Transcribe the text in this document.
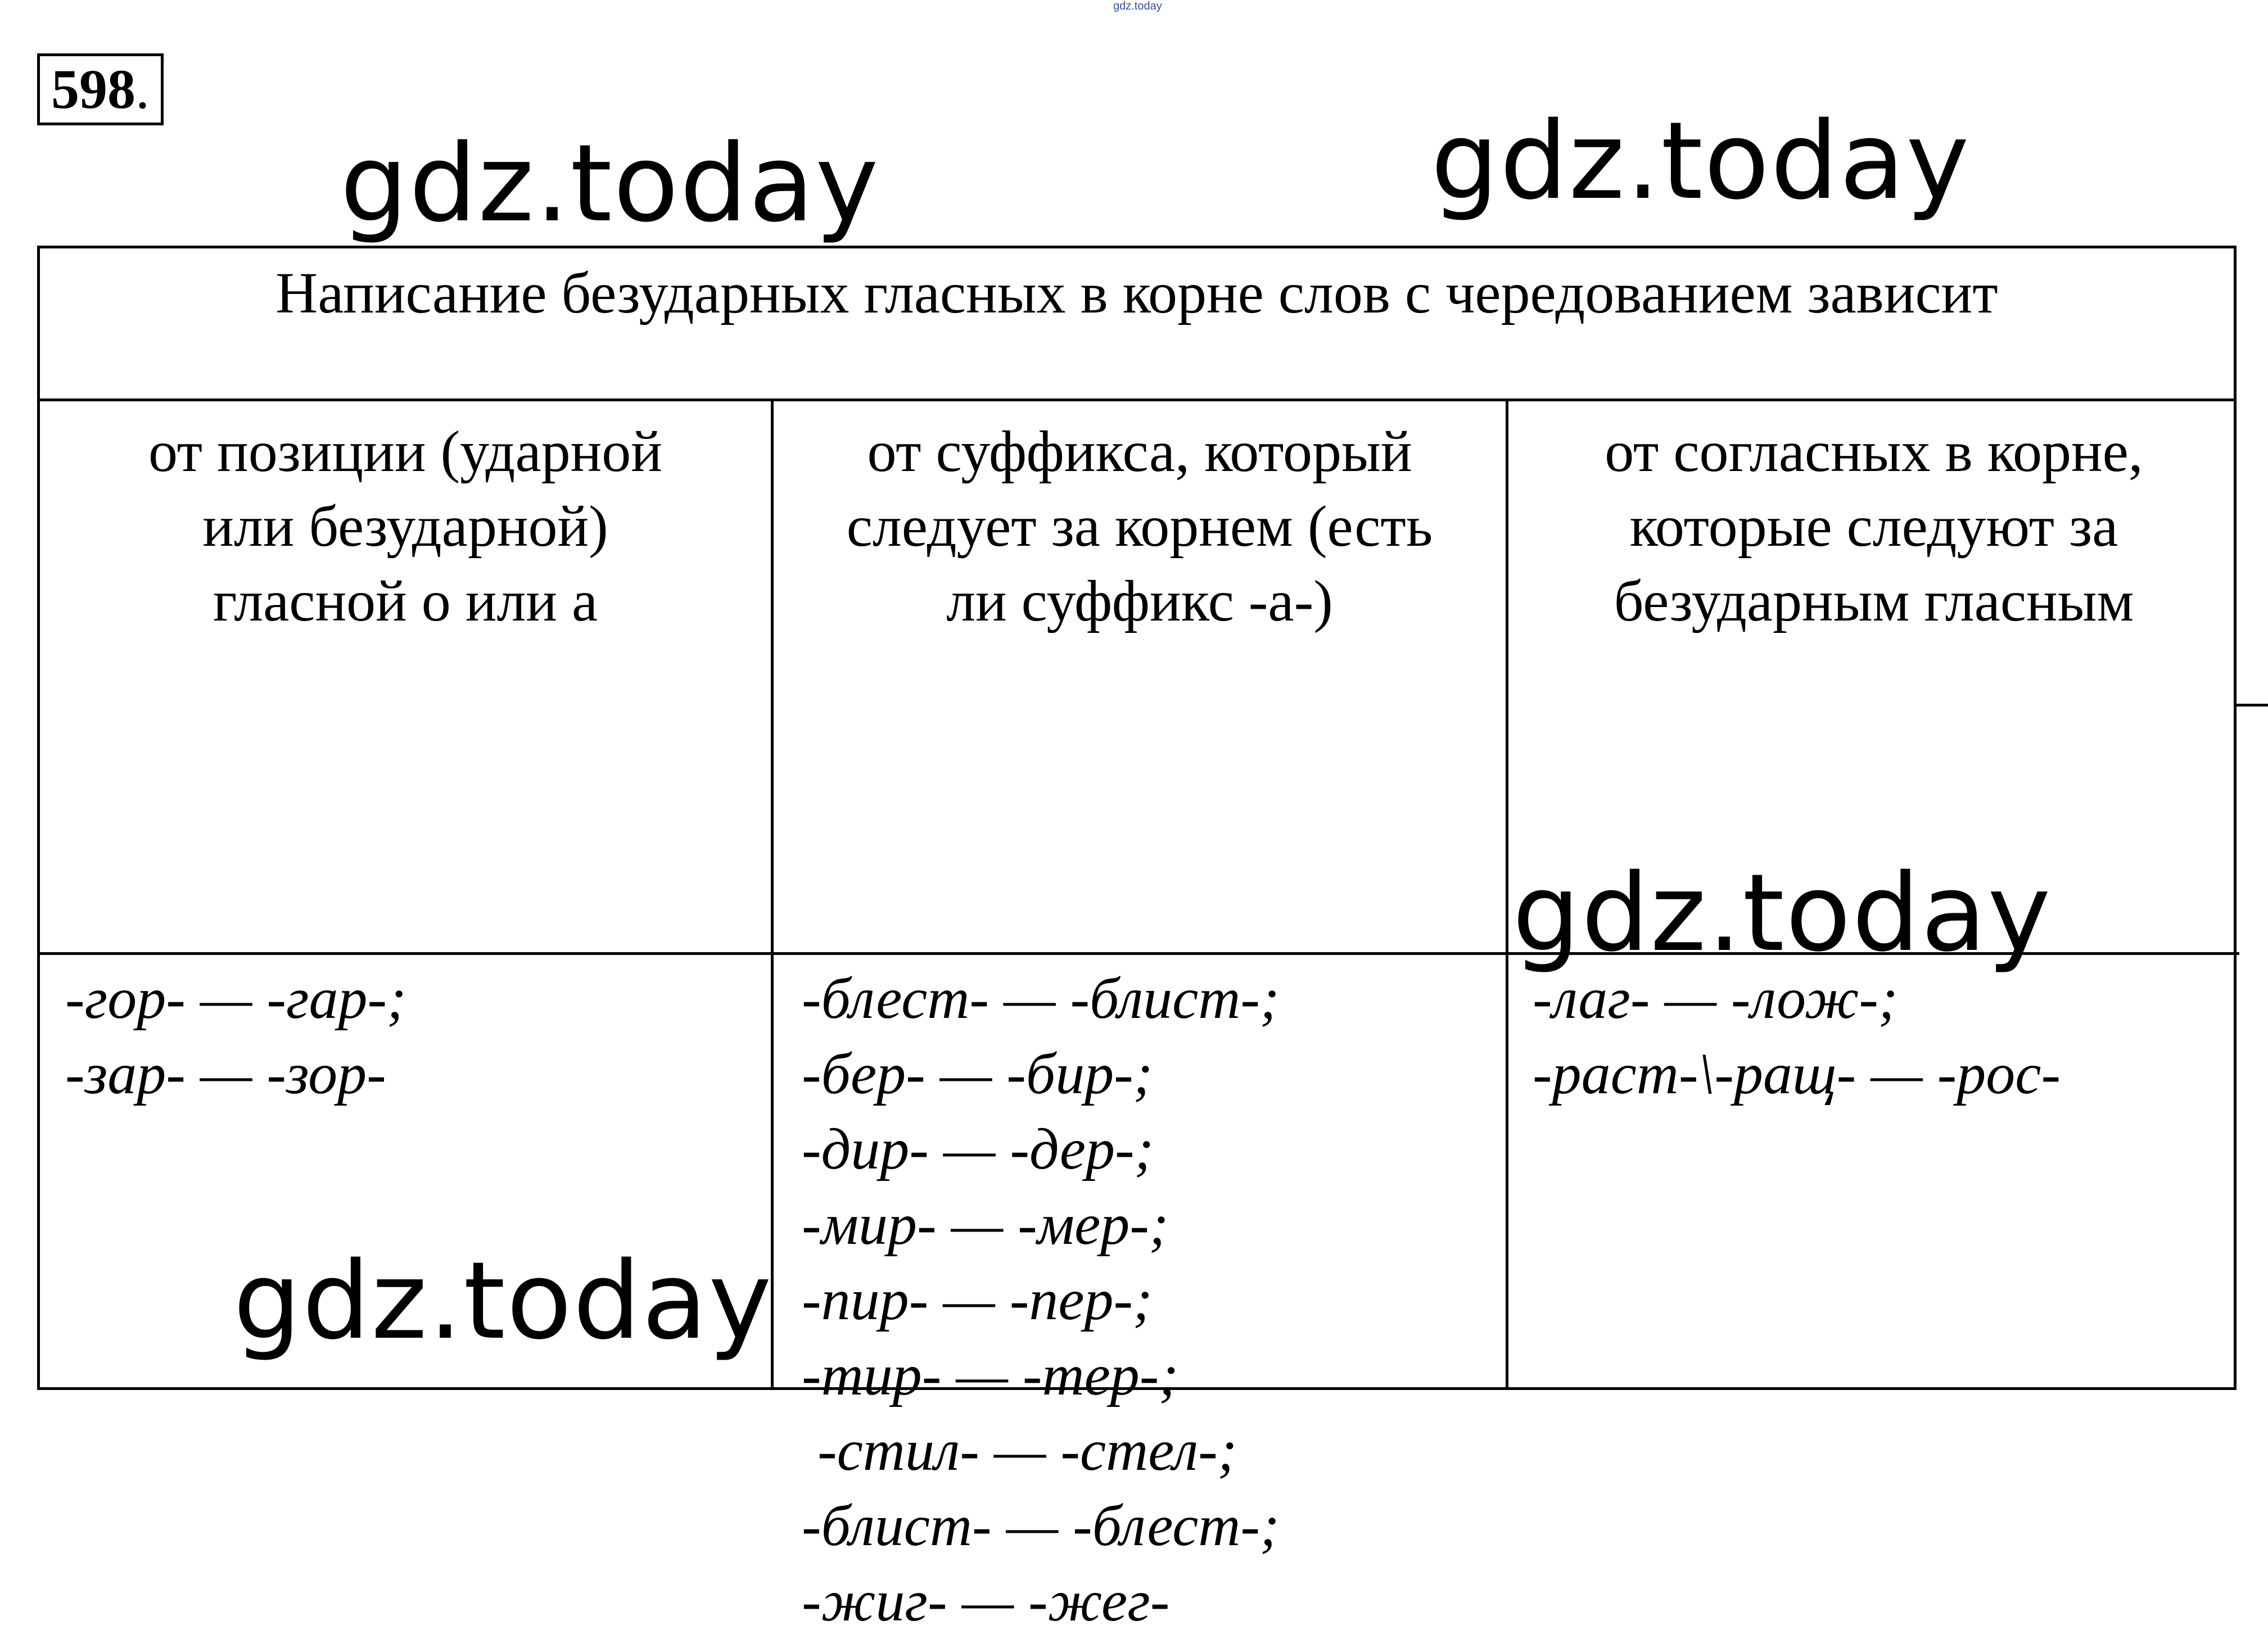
gdz.today
598 .
Написание безударных гласных в корне слов с чередованием зависит
от позиции (ударной
или безударной)
гласной о или а
от суффикса, который
следует за корнем (есть
ли суффикс -а-)
от согласных в корне,
которые следуют за
безударным гласным
-гор- — -гар-;
-зар- — -зор-
-блест- — -блист-;
-бер- — -бир-;
-дир- — -дер-;
-мир- — -мер-;
-пир- — -пер-;
-тир- — -тер-;
-стил- — -стел-;
-блист- — -блест-;
-жиг- — -жег-
-лаг- — -лож-;
-раст-\-ращ- — -рос-
gdz.today	gdz.today
gdz.today
gdz.today
